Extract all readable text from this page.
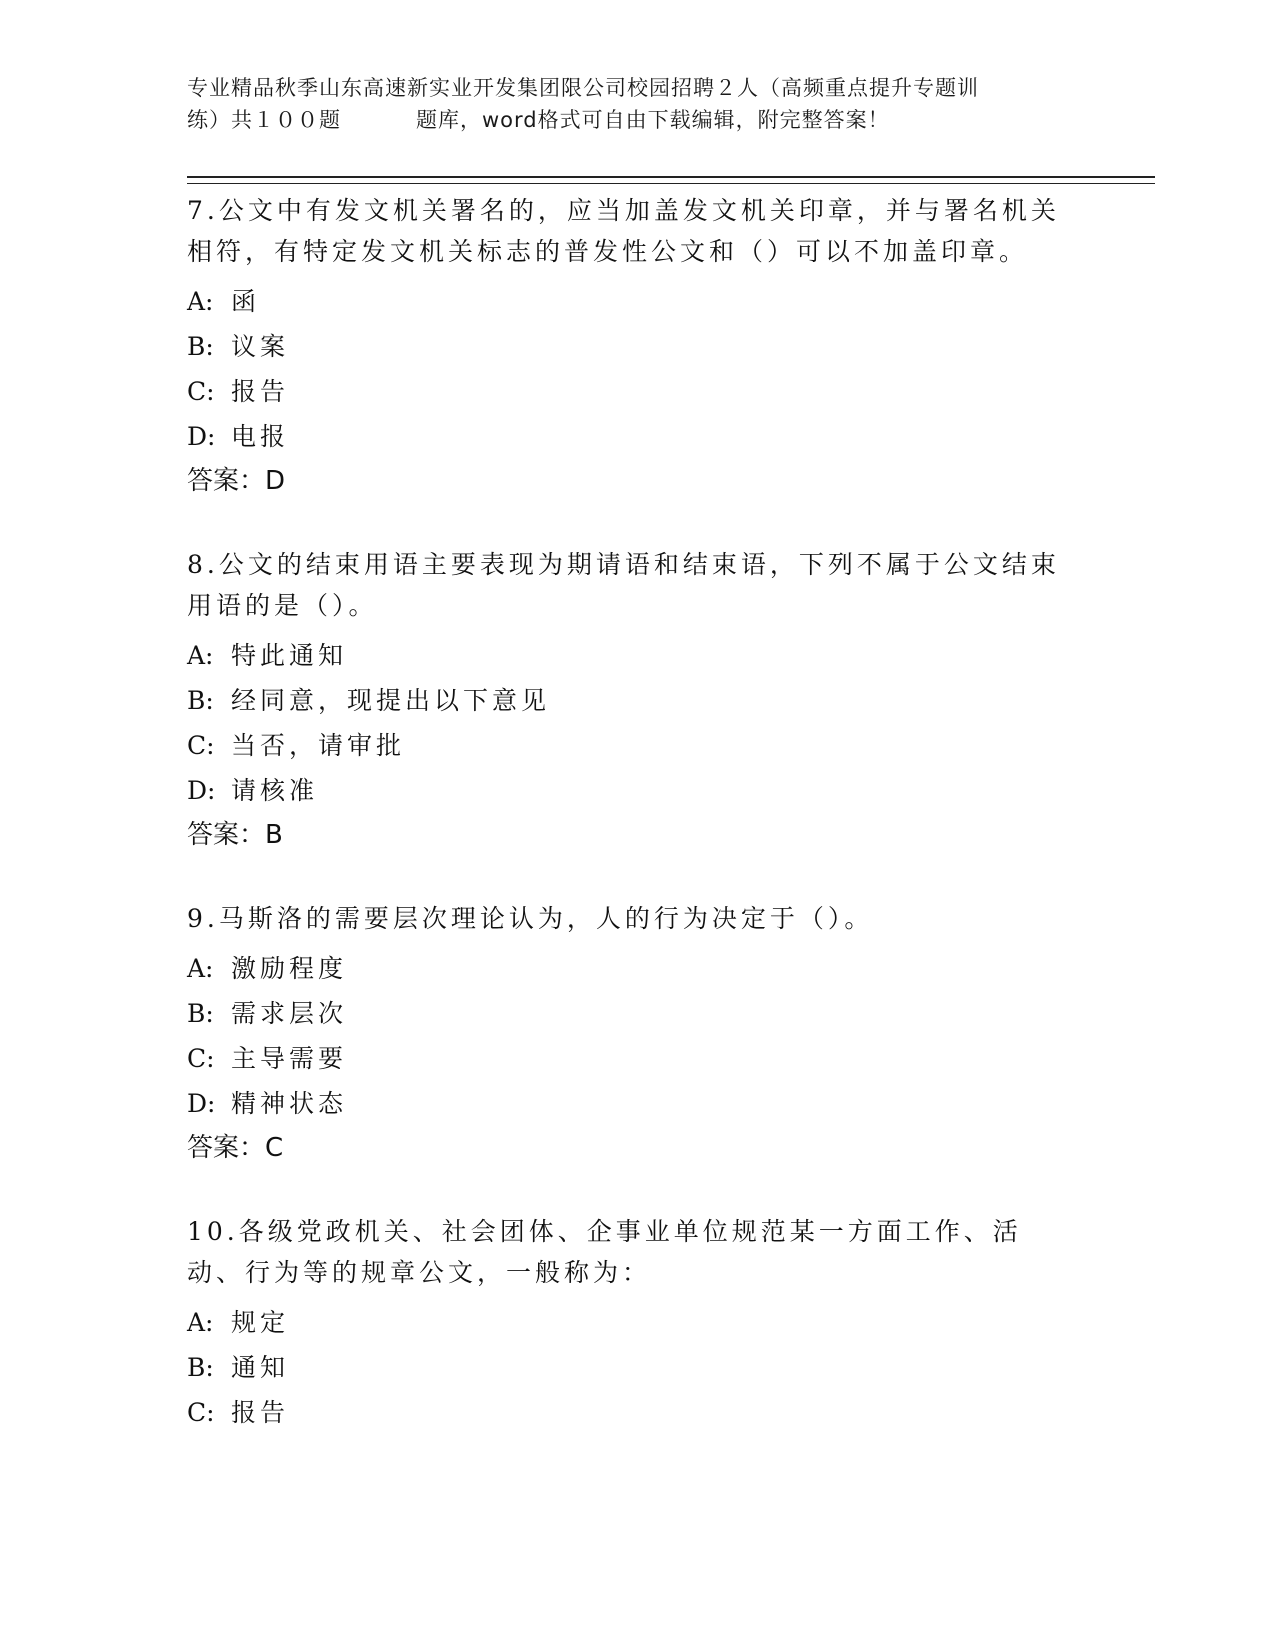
专业精品秋季山东高速新实业开发集团限公司校园招聘２人（高频重点提升专题训
练）共１００题	题库，word格式可自由下载编辑，附完整答案！

7.公文中有发文机关署名的，应当加盖发文机关印章，并与署名机关相符，有特定发文机关标志的普发性公文和（）可以不加盖印章。

A: 函
B: 议案
C: 报告
D: 电报
答案：D

8.公文的结束用语主要表现为期请语和结束语，下列不属于公文结束用语的是（）。

A: 特此通知
B: 经同意，现提出以下意见
C: 当否，请审批
D: 请核准
答案：B

9.马斯洛的需要层次理论认为，人的行为决定于（）。

A: 激励程度
B: 需求层次
C: 主导需要
D: 精神状态
答案：C

10.各级党政机关、社会团体、企事业单位规范某一方面工作、活动、行为等的规章公文，一般称为：

A: 规定
B: 通知
C: 报告
